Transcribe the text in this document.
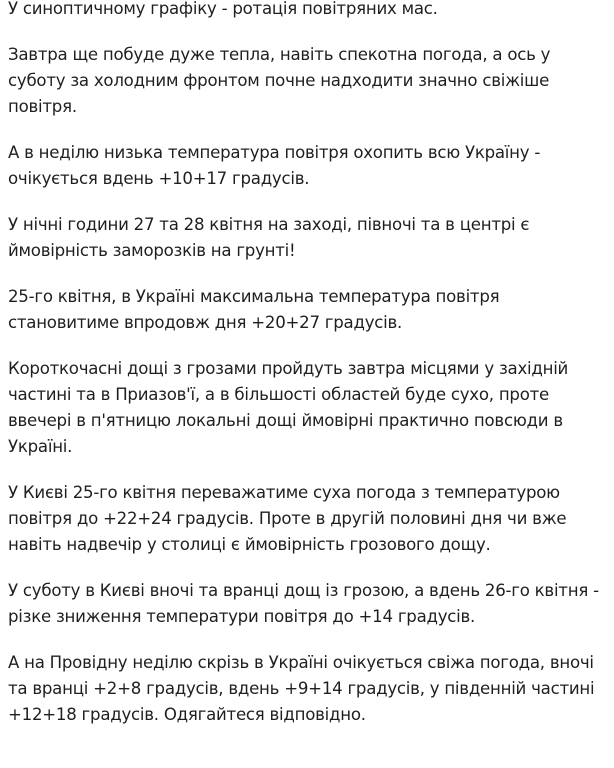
У синоптичному графіку - ротація повітряних мас.

Завтра ще побуде дуже тепла, навіть спекотна погода, а ось у суботу за холодним фронтом почне надходити значно свіжіше повітря.

А в неділю низька температура повітря охопить всю Україну - очікується вдень +10+17 градусів.

У нічні години 27 та 28 квітня на заході, півночі та в центрі є ймовірність заморозків на грунті!

25-го квітня, в Україні максимальна температура повітря становитиме впродовж дня +20+27 градусів.

Короткочасні дощі з грозами пройдуть завтра місцями у західній частині та в Приазов'ї, а в більшості областей буде сухо, проте ввечері в п'ятницю локальні дощі ймовірні практично повсюди в Україні.

У Києві 25-го квітня переважатиме суха погода з температурою повітря до +22+24 градусів. Проте в другій половині дня чи вже навіть надвечір у столиці є ймовірність грозового дощу.

У суботу в Києві вночі та вранці дощ із грозою, а вдень 26-го квітня - різке зниження температури повітря до +14 градусів.

А на Провідну неділю скрізь в Україні очікується свіжа погода, вночі та вранці +2+8 градусів, вдень +9+14 градусів, у південній частині +12+18 градусів. Одягайтеся відповідно.
